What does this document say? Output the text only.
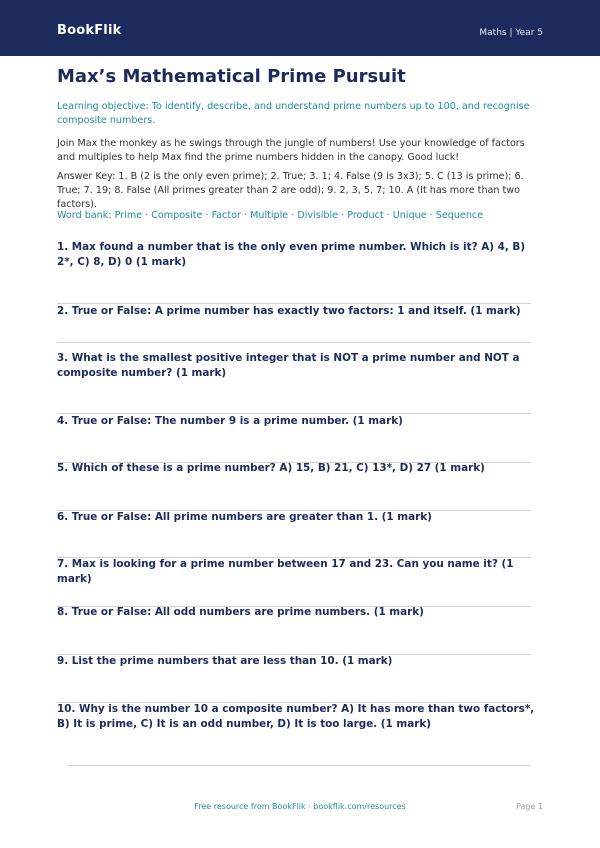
BookFlik	Maths | Year 5
Max’s Mathematical Prime Pursuit

Learning objective: To identify, describe, and understand prime numbers up to 100, and recognise composite numbers.

Join Max the monkey as he swings through the jungle of numbers! Use your knowledge of factors and multiples to help Max find the prime numbers hidden in the canopy. Good luck!

Answer Key: 1. B (2 is the only even prime); 2. True; 3. 1; 4. False (9 is 3x3); 5. C (13 is prime); 6. True; 7. 19; 8. False (All primes greater than 2 are odd); 9. 2, 3, 5, 7; 10. A (It has more than two factors).

Word bank: Prime · Composite · Factor · Multiple · Divisible · Product · Unique · Sequence

1. Max found a number that is the only even prime number. Which is it? A) 4, B) 2*, C) 8, D) 0 (1 mark)

2. True or False: A prime number has exactly two factors: 1 and itself. (1 mark)

3. What is the smallest positive integer that is NOT a prime number and NOT a composite number? (1 mark)

4. True or False: The number 9 is a prime number. (1 mark)

5. Which of these is a prime number? A) 15, B) 21, C) 13*, D) 27 (1 mark)

6. True or False: All prime numbers are greater than 1. (1 mark)

7. Max is looking for a prime number between 17 and 23. Can you name it? (1 mark)

8. True or False: All odd numbers are prime numbers. (1 mark)

9. List the prime numbers that are less than 10. (1 mark)

10. Why is the number 10 a composite number? A) It has more than two factors*, B) It is prime, C) It is an odd number, D) It is too large. (1 mark)

Free resource from BookFlik · bookflik.com/resources	Page 1
